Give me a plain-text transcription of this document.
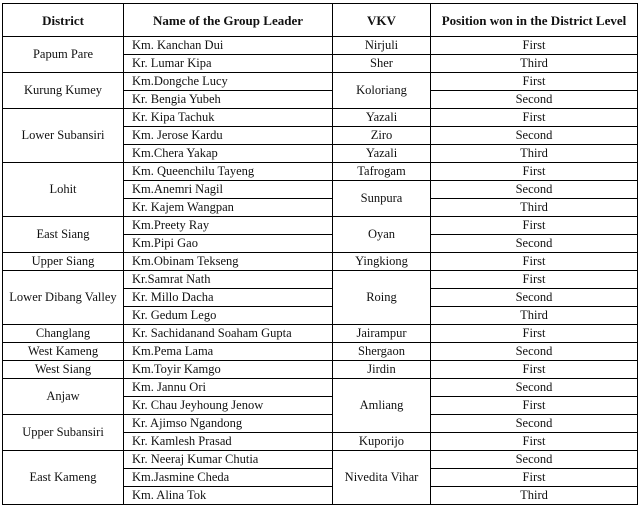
District	Name of the Group Leader	VKV	Position won in the District Level
Papum Pare	Km. Kanchan Dui	Nirjuli	First
	Kr. Lumar Kipa	Sher	Third
Kurung Kumey	Km.Dongche Lucy	Koloriang	First
	Kr. Bengia Yubeh		Second
Lower Subansiri	Kr. Kipa Tachuk	Yazali	First
	Km. Jerose Kardu	Ziro	Second
	Km.Chera Yakap	Yazali	Third
Lohit	Km. Queenchilu Tayeng	Tafrogam	First
	Km.Anemri Nagil	Sunpura	Second
	Kr. Kajem Wangpan		Third
East Siang	Km.Preety Ray	Oyan	First
	Km.Pipi Gao		Second
Upper Siang	Km.Obinam Tekseng	Yingkiong	First
Lower Dibang Valley	Kr.Samrat Nath	Roing	First
	Kr. Millo Dacha		Second
	Kr. Gedum Lego		Third
Changlang	Kr. Sachidanand Soaham Gupta	Jairampur	First
West Kameng	Km.Pema Lama	Shergaon	Second
West Siang	Km.Toyir Kamgo	Jirdin	First
Anjaw	Km. Jannu Ori	Amliang	Second
	Kr. Chau Jeyhoung Jenow		First
Upper Subansiri	Kr. Ajimso Ngandong		Second
	Kr. Kamlesh Prasad	Kuporijo	First
East Kameng	Kr. Neeraj Kumar Chutia	Nivedita Vihar	Second
	Km.Jasmine Cheda		First
	Km. Alina Tok		Third
